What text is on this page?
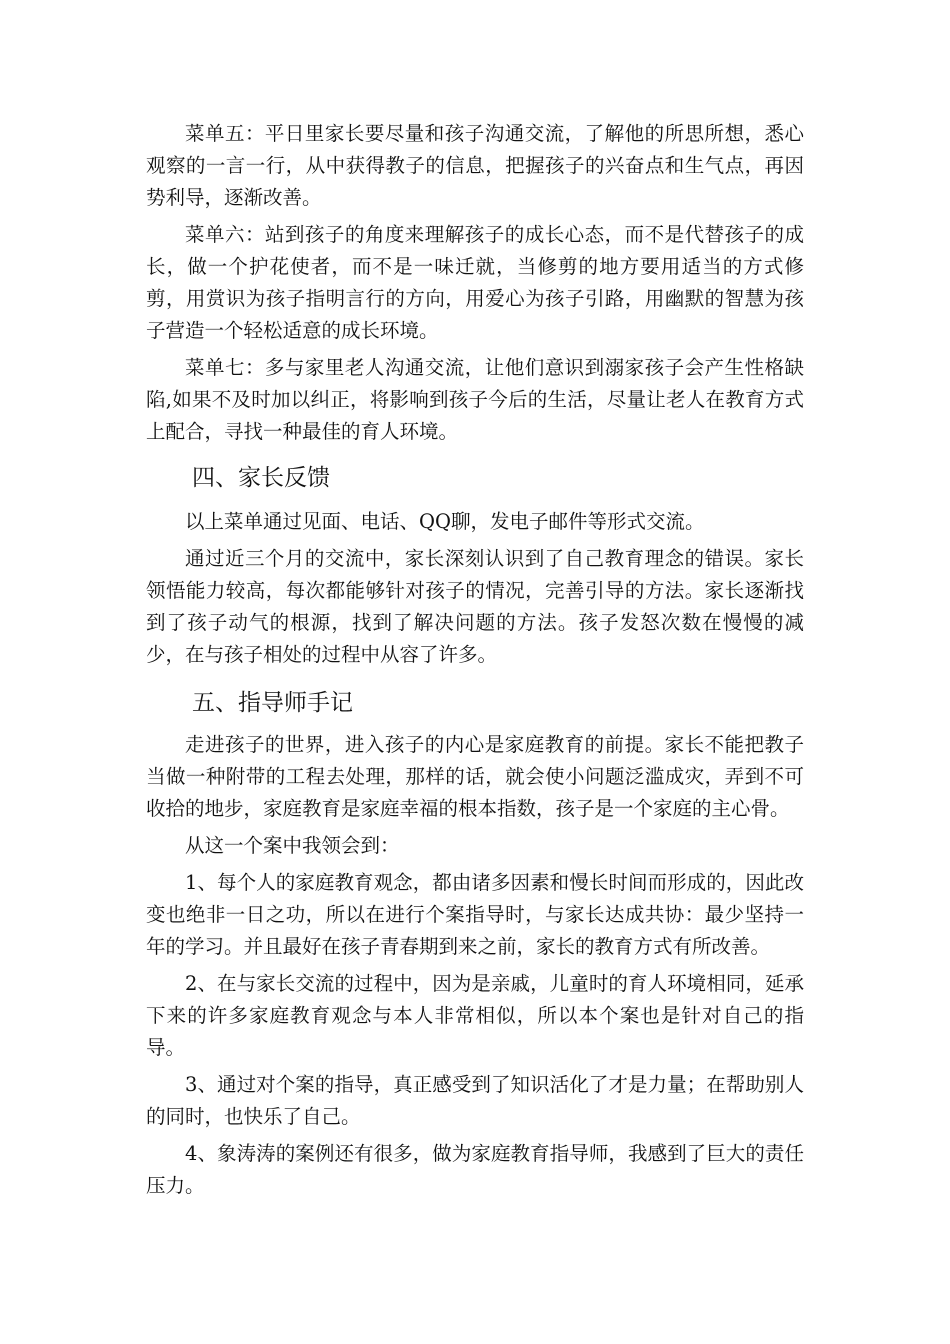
菜单五：平日里家长要尽量和孩子沟通交流，了解他的所思所想，悉心观察的一言一行，从中获得教子的信息，把握孩子的兴奋点和生气点，再因势利导，逐渐改善。

菜单六：站到孩子的角度来理解孩子的成长心态，而不是代替孩子的成长，做一个护花使者，而不是一味迁就，当修剪的地方要用适当的方式修剪，用赏识为孩子指明言行的方向，用爱心为孩子引路，用幽默的智慧为孩子营造一个轻松适意的成长环境。

菜单七：多与家里老人沟通交流，让他们意识到溺家孩子会产生性格缺陷,如果不及时加以纠正，将影响到孩子今后的生活，尽量让老人在教育方式上配合，寻找一种最佳的育人环境。

四、家长反馈

以上菜单通过见面、电话、QQ聊，发电子邮件等形式交流。

通过近三个月的交流中，家长深刻认识到了自己教育理念的错误。家长领悟能力较高，每次都能够针对孩子的情况，完善引导的方法。家长逐渐找到了孩子动气的根源，找到了解决问题的方法。孩子发怒次数在慢慢的减少，在与孩子相处的过程中从容了许多。

五、指导师手记

走进孩子的世界，进入孩子的内心是家庭教育的前提。家长不能把教子当做一种附带的工程去处理，那样的话，就会使小问题泛滥成灾，弄到不可收拾的地步，家庭教育是家庭幸福的根本指数，孩子是一个家庭的主心骨。

从这一个案中我领会到：

1、每个人的家庭教育观念，都由诸多因素和慢长时间而形成的，因此改变也绝非一日之功，所以在进行个案指导时，与家长达成共协：最少坚持一年的学习。并且最好在孩子青春期到来之前，家长的教育方式有所改善。

2、在与家长交流的过程中，因为是亲戚，儿童时的育人环境相同，延承下来的许多家庭教育观念与本人非常相似，所以本个案也是针对自己的指导。

3、通过对个案的指导，真正感受到了知识活化了才是力量；在帮助别人的同时，也快乐了自己。

4、象涛涛的案例还有很多，做为家庭教育指导师，我感到了巨大的责任压力。
